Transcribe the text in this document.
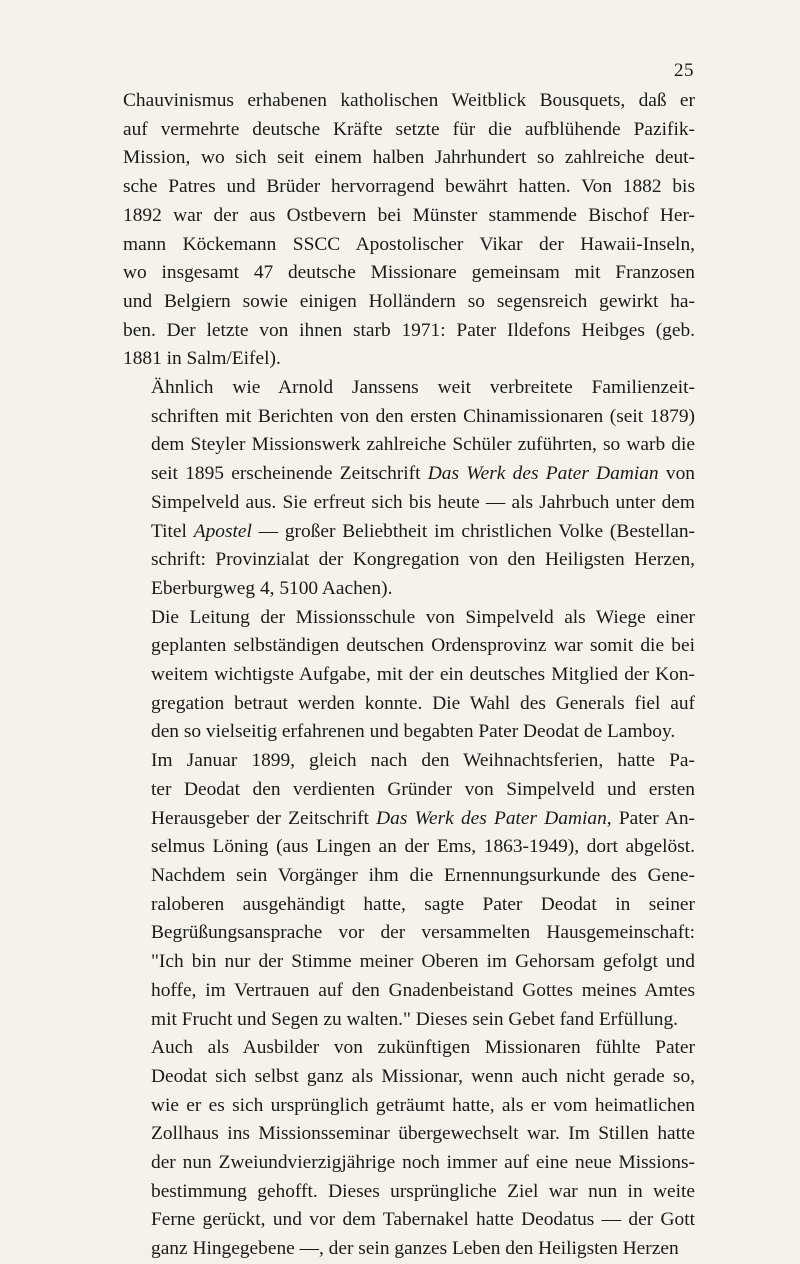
25
Chauvinismus erhabenen katholischen Weitblick Bousquets, daß er
auf vermehrte deutsche Kräfte setzte für die aufblühende Pazifik-
Mission, wo sich seit einem halben Jahrhundert so zahlreiche deut-
sche Patres und Brüder hervorragend bewährt hatten. Von 1882 bis
1892 war der aus Ostbevern bei Münster stammende Bischof Her-
mann Köckemann SSCC Apostolischer Vikar der Hawaii-Inseln,
wo insgesamt 47 deutsche Missionare gemeinsam mit Franzosen
und Belgiern sowie einigen Holländern so segensreich gewirkt ha-
ben. Der letzte von ihnen starb 1971: Pater Ildefons Heibges (geb.
1881 in Salm/Eifel).
Ähnlich wie Arnold Janssens weit verbreitete Familienzeit-
schriften mit Berichten von den ersten Chinamissionaren (seit 1879)
dem Steyler Missionswerk zahlreiche Schüler zuführten, so warb die
seit 1895 erscheinende Zeitschrift Das Werk des Pater Damian von
Simpelveld aus. Sie erfreut sich bis heute — als Jahrbuch unter dem
Titel Apostel — großer Beliebtheit im christlichen Volke (Bestellan-
schrift: Provinzialat der Kongregation von den Heiligsten Herzen,
Eberburgweg 4, 5100 Aachen).
Die Leitung der Missionsschule von Simpelveld als Wiege einer
geplanten selbständigen deutschen Ordensprovinz war somit die bei
weitem wichtigste Aufgabe, mit der ein deutsches Mitglied der Kon-
gregation betraut werden konnte. Die Wahl des Generals fiel auf
den so vielseitig erfahrenen und begabten Pater Deodat de Lamboy.
Im Januar 1899, gleich nach den Weihnachtsferien, hatte Pa-
ter Deodat den verdienten Gründer von Simpelveld und ersten
Herausgeber der Zeitschrift Das Werk des Pater Damian, Pater An-
selmus Löning (aus Lingen an der Ems, 1863-1949), dort abgelöst.
Nachdem sein Vorgänger ihm die Ernennungsurkunde des Gene-
raloberen ausgehändigt hatte, sagte Pater Deodat in seiner
Begrüßungsansprache vor der versammelten Hausgemeinschaft:
"Ich bin nur der Stimme meiner Oberen im Gehorsam gefolgt und
hoffe, im Vertrauen auf den Gnadenbeistand Gottes meines Amtes
mit Frucht und Segen zu walten." Dieses sein Gebet fand Erfüllung.
Auch als Ausbilder von zukünftigen Missionaren fühlte Pater
Deodat sich selbst ganz als Missionar, wenn auch nicht gerade so,
wie er es sich ursprünglich geträumt hatte, als er vom heimatlichen
Zollhaus ins Missionsseminar übergewechselt war. Im Stillen hatte
der nun Zweiundvierzigjährige noch immer auf eine neue Missions-
bestimmung gehofft. Dieses ursprüngliche Ziel war nun in weite
Ferne gerückt, und vor dem Tabernakel hatte Deodatus — der Gott
ganz Hingegebene —, der sein ganzes Leben den Heiligsten Herzen
